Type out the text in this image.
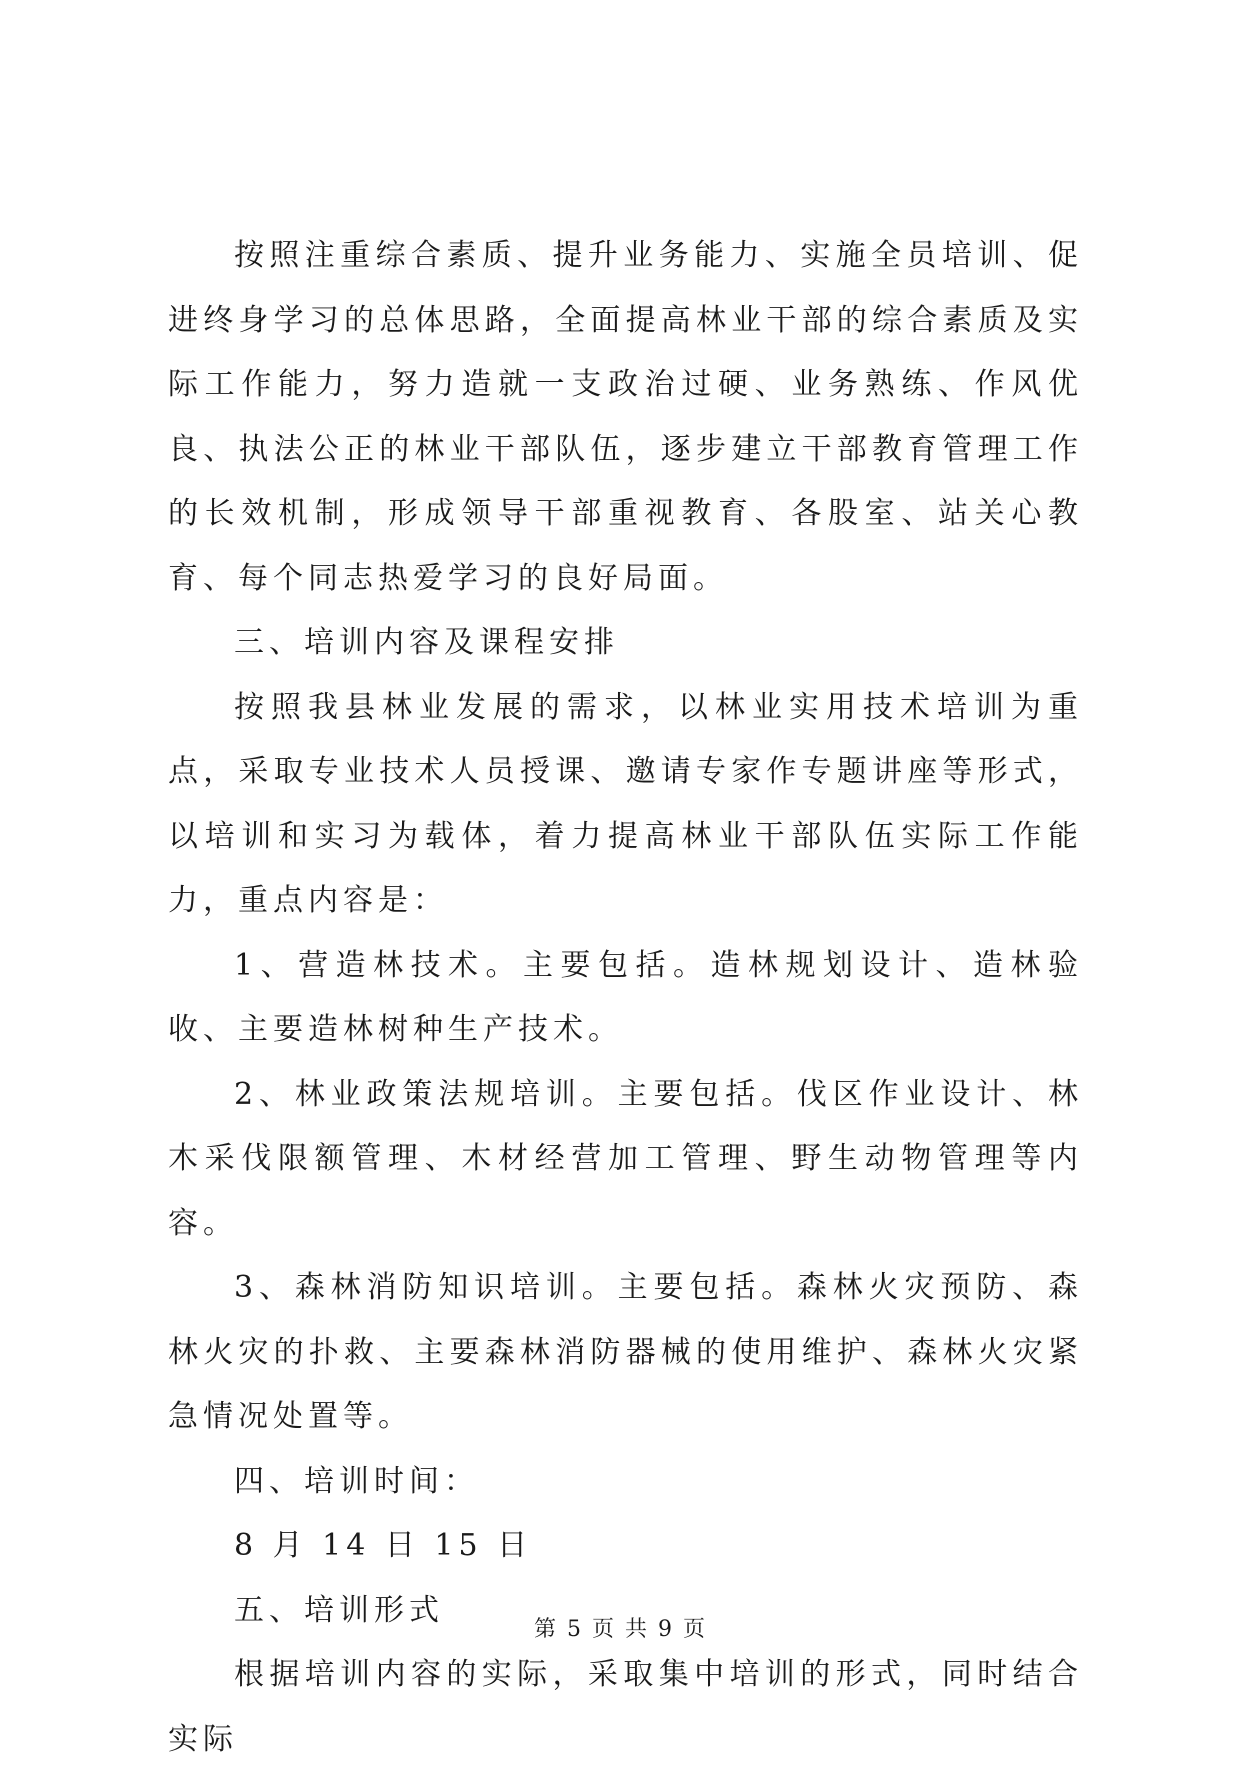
按照注重综合素质、提升业务能力、实施全员培训、促进终身学习的总体思路，全面提高林业干部的综合素质及实际工作能力，努力造就一支政治过硬、业务熟练、作风优良、执法公正的林业干部队伍，逐步建立干部教育管理工作的长效机制，形成领导干部重视教育、各股室、站关心教育、每个同志热爱学习的良好局面。

三、培训内容及课程安排

按照我县林业发展的需求，以林业实用技术培训为重点，采取专业技术人员授课、邀请专家作专题讲座等形式，以培训和实习为载体，着力提高林业干部队伍实际工作能力，重点内容是：

1、营造林技术。主要包括。造林规划设计、造林验收、主要造林树种生产技术。

2、林业政策法规培训。主要包括。伐区作业设计、林木采伐限额管理、木材经营加工管理、野生动物管理等内容。

3、森林消防知识培训。主要包括。森林火灾预防、森林火灾的扑救、主要森林消防器械的使用维护、森林火灾紧急情况处置等。

四、培训时间：

8 月 14 日 15 日

五、培训形式

根据培训内容的实际，采取集中培训的形式，同时结合实际

第 5 页 共 9 页
